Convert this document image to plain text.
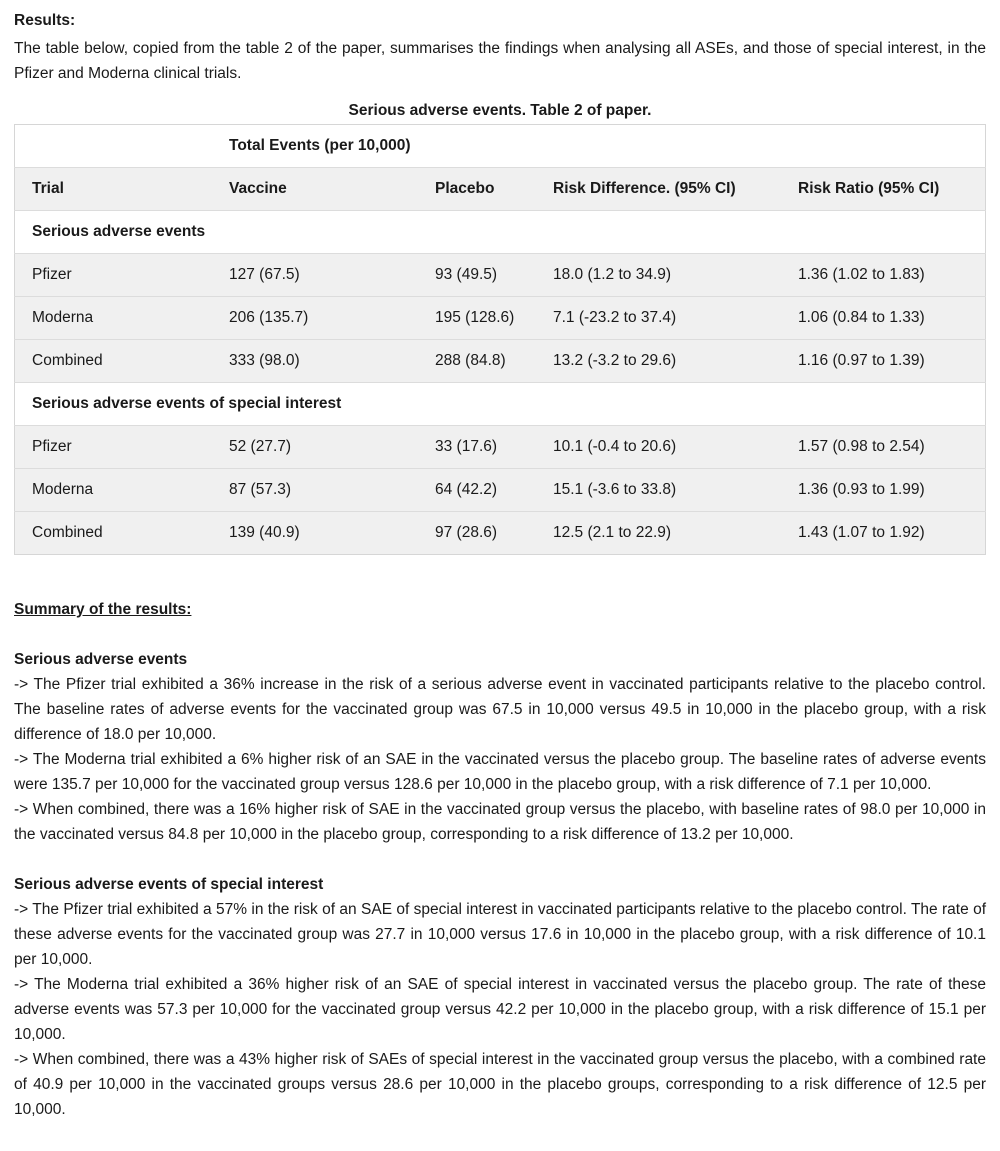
Results:
The table below, copied from the table 2 of the paper, summarises the findings when analysing all ASEs, and those of special interest, in the Pfizer and Moderna clinical trials.
Serious adverse events. Table 2 of paper.
	Total Events (per 10,000)			
Trial	Vaccine	Placebo	Risk Difference. (95% CI)	Risk Ratio (95% CI)
Serious adverse events				
Pfizer	127 (67.5)	93 (49.5)	18.0 (1.2 to 34.9)	1.36 (1.02 to 1.83)
Moderna	206 (135.7)	195 (128.6)	7.1 (-23.2 to 37.4)	1.06 (0.84 to 1.33)
Combined	333 (98.0)	288 (84.8)	13.2 (-3.2 to 29.6)	1.16 (0.97 to 1.39)
Serious adverse events of special interest				
Pfizer	52 (27.7)	33 (17.6)	10.1 (-0.4 to 20.6)	1.57 (0.98 to 2.54)
Moderna	87 (57.3)	64 (42.2)	15.1 (-3.6 to 33.8)	1.36 (0.93 to 1.99)
Combined	139 (40.9)	97 (28.6)	12.5 (2.1 to 22.9)	1.43 (1.07 to 1.92)
Summary of the results:
Serious adverse events
-> The Pfizer trial exhibited a 36% increase in the risk of a serious adverse event in vaccinated participants relative to the placebo control. The baseline rates of adverse events for the vaccinated group was 67.5 in 10,000 versus 49.5 in 10,000 in the placebo group, with a risk difference of 18.0 per 10,000.
-> The Moderna trial exhibited a 6% higher risk of an SAE in the vaccinated versus the placebo group. The baseline rates of adverse events were 135.7 per 10,000 for the vaccinated group versus 128.6 per 10,000 in the placebo group, with a risk difference of 7.1 per 10,000.
-> When combined, there was a 16% higher risk of SAE in the vaccinated group versus the placebo, with baseline rates of 98.0 per 10,000 in the vaccinated versus 84.8 per 10,000 in the placebo group, corresponding to a risk difference of 13.2 per 10,000.
Serious adverse events of special interest
-> The Pfizer trial exhibited a 57% in the risk of an SAE of special interest in vaccinated participants relative to the placebo control. The rate of these adverse events for the vaccinated group was 27.7 in 10,000 versus 17.6 in 10,000 in the placebo group, with a risk difference of 10.1 per 10,000.
-> The Moderna trial exhibited a 36% higher risk of an SAE of special interest in vaccinated versus the placebo group. The rate of these adverse events was 57.3 per 10,000 for the vaccinated group versus 42.2 per 10,000 in the placebo group, with a risk difference of 15.1 per 10,000.
-> When combined, there was a 43% higher risk of SAEs of special interest in the vaccinated group versus the placebo, with a combined rate of 40.9 per 10,000 in the vaccinated groups versus 28.6 per 10,000 in the placebo groups, corresponding to a risk difference of 12.5 per 10,000.
